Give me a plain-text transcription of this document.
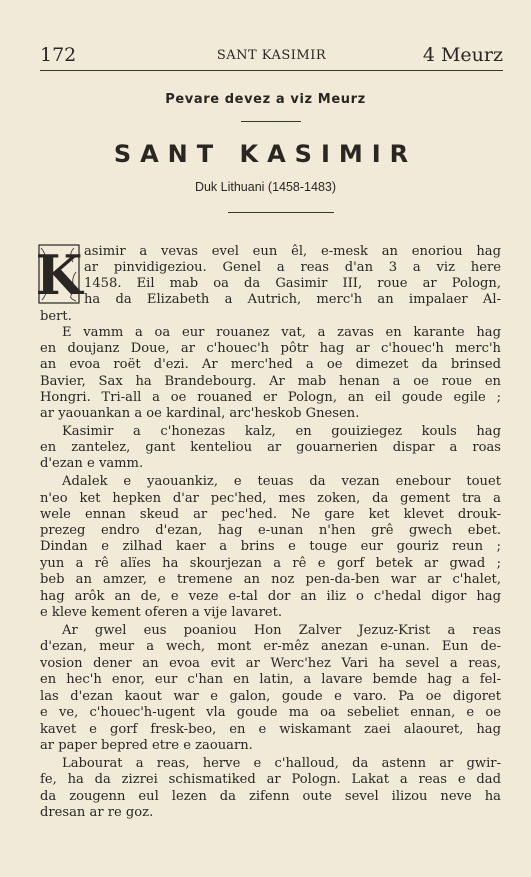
172	SANT KASIMIR	4 Meurz
Pevare devez a viz Meurz
SANT KASIMIR
Duk Lithuani (1458-1483)
K asimir a vevas evel eun êl, e-mesk an enoriou hag
ar pinvidigeziou. Genel a reas d'an 3 a viz here
1458. Eil mab oa da Gasimir III, roue ar Pologn,
ha da Elizabeth a Autrich, merc'h an impalaer Al-
bert.
E vamm a oa eur rouanez vat, a zavas en karante hag
en doujanz Doue, ar c'houec'h pôtr hag ar c'houec'h merc'h
an evoa roët d'ezi. Ar merc'hed a oe dimezet da brinsed
Bavier, Sax ha Brandebourg. Ar mab henan a oe roue en
Hongri. Tri-all a oe rouaned er Pologn, an eil goude egile ;
ar yaouankan a oe kardinal, arc'heskob Gnesen.
Kasimir a c'honezas kalz, en gouiziegez kouls hag
en zantelez, gant kenteliou ar gouarnerien dispar a roas
d'ezan e vamm.
Adalek e yaouankiz, e teuas da vezan enebour touet
n'eo ket hepken d'ar pec'hed, mes zoken, da gement tra a
wele ennan skeud ar pec'hed. Ne gare ket klevet drouk-
prezeg endro d'ezan, hag e-unan n'hen grê gwech ebet.
Dindan e zilhad kaer a brins e touge eur gouriz reun ;
yun a rê alïes ha skourjezan a rê e gorf betek ar gwad ;
beb an amzer, e tremene an noz pen-da-ben war ar c'halet,
hag arôk an de, e veze e-tal dor an iliz o c'hedal digor hag
e kleve kement oferen a vije lavaret.
Ar gwel eus poaniou Hon Zalver Jezuz-Krist a reas
d'ezan, meur a wech, mont er-mêz anezan e-unan. Eun de-
vosion dener an evoa evit ar Werc'hez Vari ha sevel a reas,
en hec'h enor, eur c'han en latin, a lavare bemde hag a fel-
las d'ezan kaout war e galon, goude e varo. Pa oe digoret
e ve, c'houec'h-ugent vla goude ma oa sebeliet ennan, e oe
kavet e gorf fresk-beo, en e wiskamant zaei alaouret, hag
ar paper bepred etre e zaouarn.
Labourat a reas, herve e c'halloud, da astenn ar gwir-
fe, ha da zizrei schismatiked ar Pologn. Lakat a reas e dad
da zougenn eul lezen da zifenn oute sevel ilizou neve ha
dresan ar re goz.
